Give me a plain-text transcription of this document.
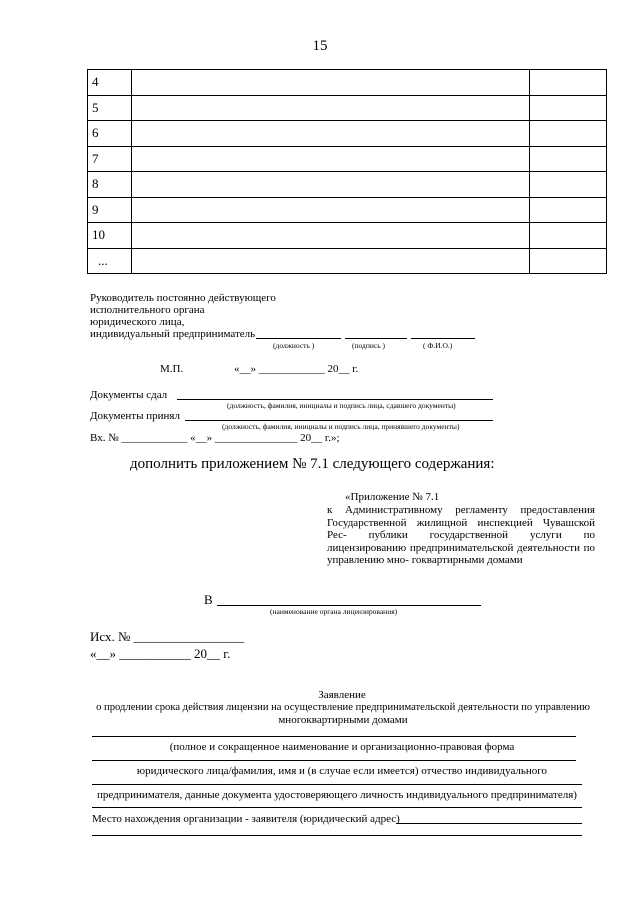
15
4		
5		
6		
7		
8		
9		
10		
...		
Руководитель постоянно действующего
исполнительного органа
юридического лица,
индивидуальный предприниматель
(должность )	(подпись )	( Ф.И.О.)
М.П.	«__» ____________ 20__ г.
Документы сдал
(должность, фамилия, инициалы и подпись лица, сдавшего документы)
Документы принял
(должность, фамилия, инициалы и подпись лица, принявшего документы)
Вх. № ____________ «__» _______________ 20__ г.»;
дополнить приложением № 7.1 следующего содержания:
«Приложение № 7.1
к Административному регламенту предоставления Государственной жилищной инспекцией Чувашской Рес- публики государственной услуги по лицензированию предпринимательской деятельности по управлению мно- гоквартирными домами
В
(наименование органа лицензирования)
Исх. № _________________
«__» ___________ 20__ г.
Заявление
о продлении срока действия лицензии на осуществление предпринимательской деятельности по управлению
многоквартирными домами
(полное и сокращенное наименование и организационно-правовая форма
юридического лица/фамилия, имя и (в случае если имеется) отчество индивидуального
предпринимателя, данные документа удостоверяющего личность индивидуального предпринимателя)
Место нахождения организации - заявителя (юридический адрес)
